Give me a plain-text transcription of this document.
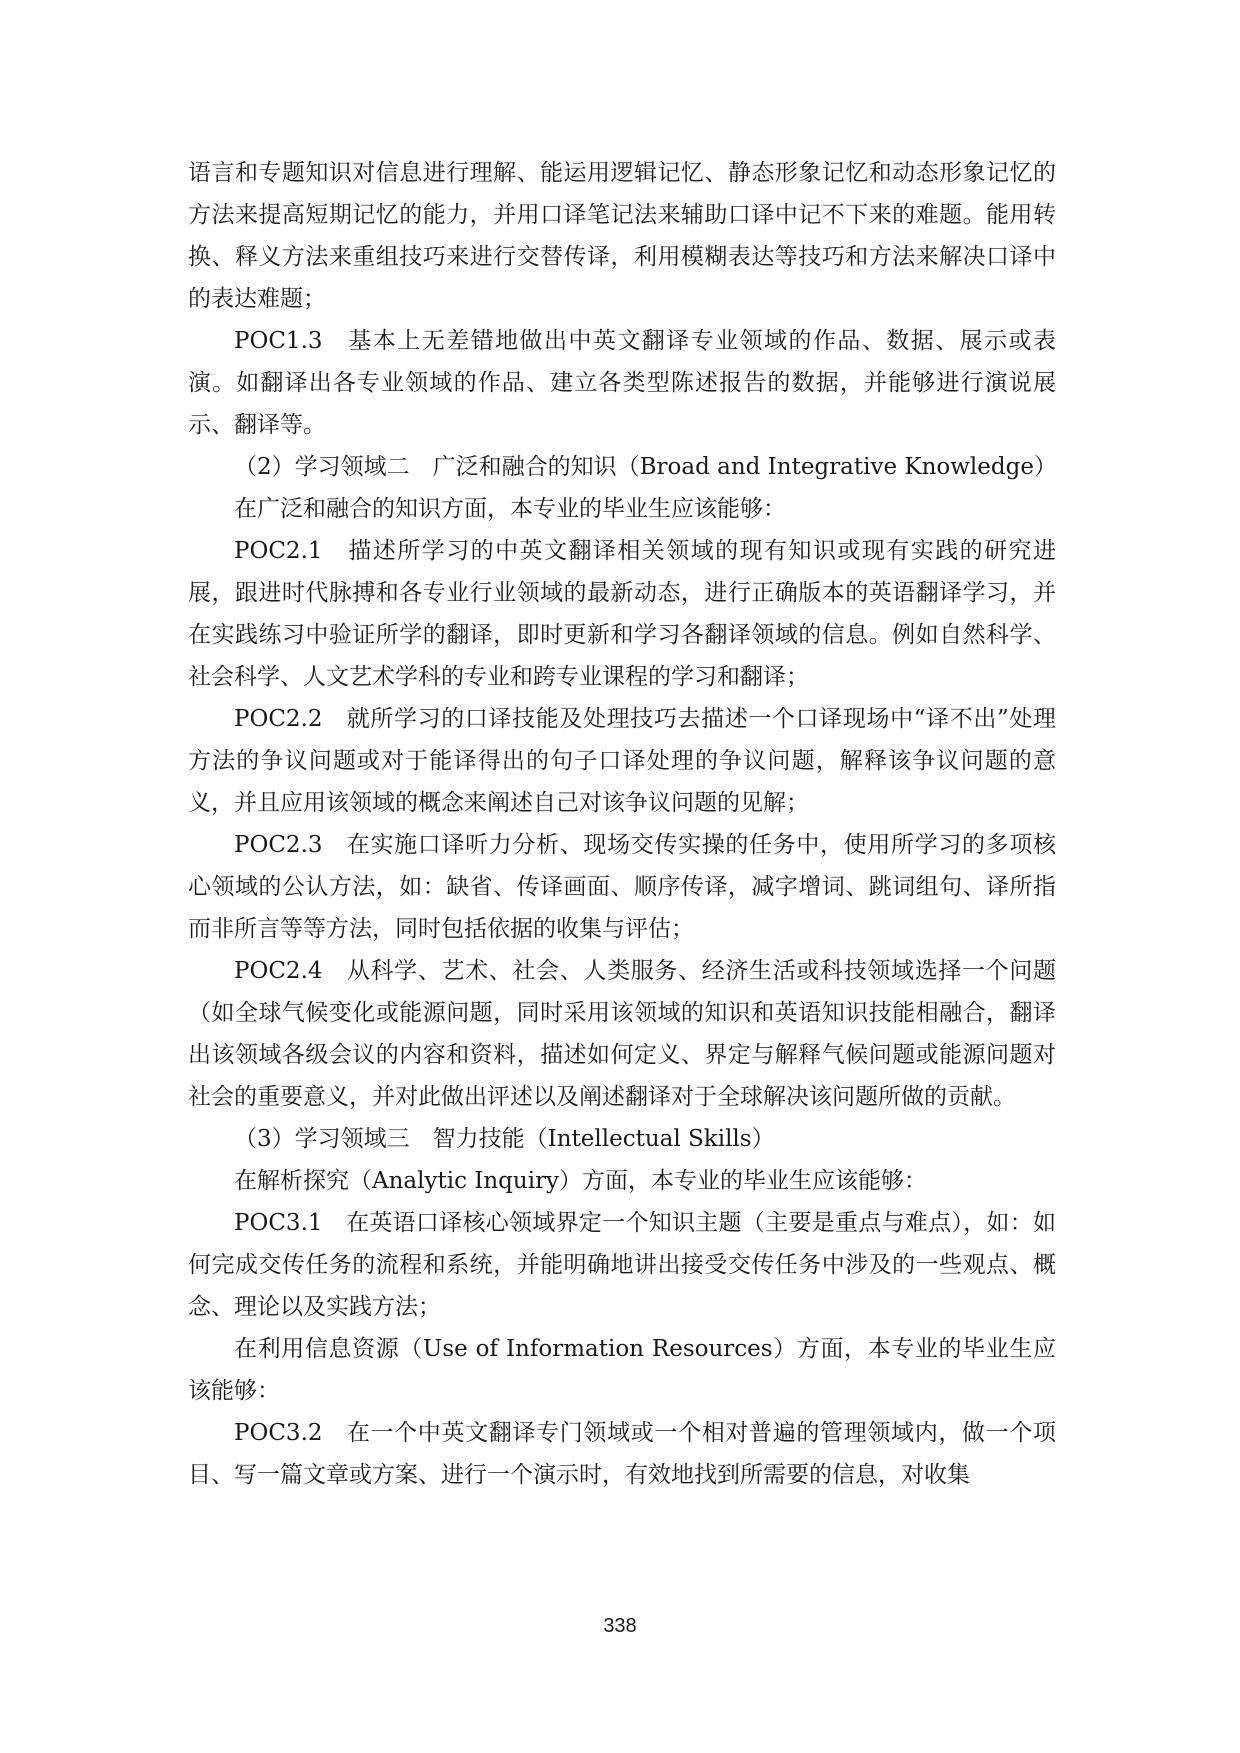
语言和专题知识对信息进行理解、能运用逻辑记忆、静态形象记忆和动态形象记忆的方法来提高短期记忆的能力，并用口译笔记法来辅助口译中记不下来的难题。能用转换、释义方法来重组技巧来进行交替传译，利用模糊表达等技巧和方法来解决口译中的表达难题；

POC1.3　基本上无差错地做出中英文翻译专业领域的作品、数据、展示或表演。如翻译出各专业领域的作品、建立各类型陈述报告的数据，并能够进行演说展示、翻译等。

（2）学习领域二　广泛和融合的知识（Broad and Integrative Knowledge）

在广泛和融合的知识方面，本专业的毕业生应该能够：

POC2.1　描述所学习的中英文翻译相关领域的现有知识或现有实践的研究进展，跟进时代脉搏和各专业行业领域的最新动态，进行正确版本的英语翻译学习，并在实践练习中验证所学的翻译，即时更新和学习各翻译领域的信息。例如自然科学、社会科学、人文艺术学科的专业和跨专业课程的学习和翻译；

POC2.2　就所学习的口译技能及处理技巧去描述一个口译现场中“译不出”处理方法的争议问题或对于能译得出的句子口译处理的争议问题，解释该争议问题的意义，并且应用该领域的概念来阐述自己对该争议问题的见解；

POC2.3　在实施口译听力分析、现场交传实操的任务中，使用所学习的多项核心领域的公认方法，如：缺省、传译画面、顺序传译，减字增词、跳词组句、译所指而非所言等等方法，同时包括依据的收集与评估；

POC2.4　从科学、艺术、社会、人类服务、经济生活或科技领域选择一个问题（如全球气候变化或能源问题，同时采用该领域的知识和英语知识技能相融合，翻译出该领域各级会议的内容和资料，描述如何定义、界定与解释气候问题或能源问题对社会的重要意义，并对此做出评述以及阐述翻译对于全球解决该问题所做的贡献。

（3）学习领域三　智力技能（Intellectual Skills）

在解析探究（Analytic Inquiry）方面，本专业的毕业生应该能够：

POC3.1　在英语口译核心领域界定一个知识主题（主要是重点与难点），如：如何完成交传任务的流程和系统，并能明确地讲出接受交传任务中涉及的一些观点、概念、理论以及实践方法；

在利用信息资源（Use of Information Resources）方面，本专业的毕业生应该能够：

POC3.2　在一个中英文翻译专门领域或一个相对普遍的管理领域内，做一个项目、写一篇文章或方案、进行一个演示时，有效地找到所需要的信息，对收集

338
